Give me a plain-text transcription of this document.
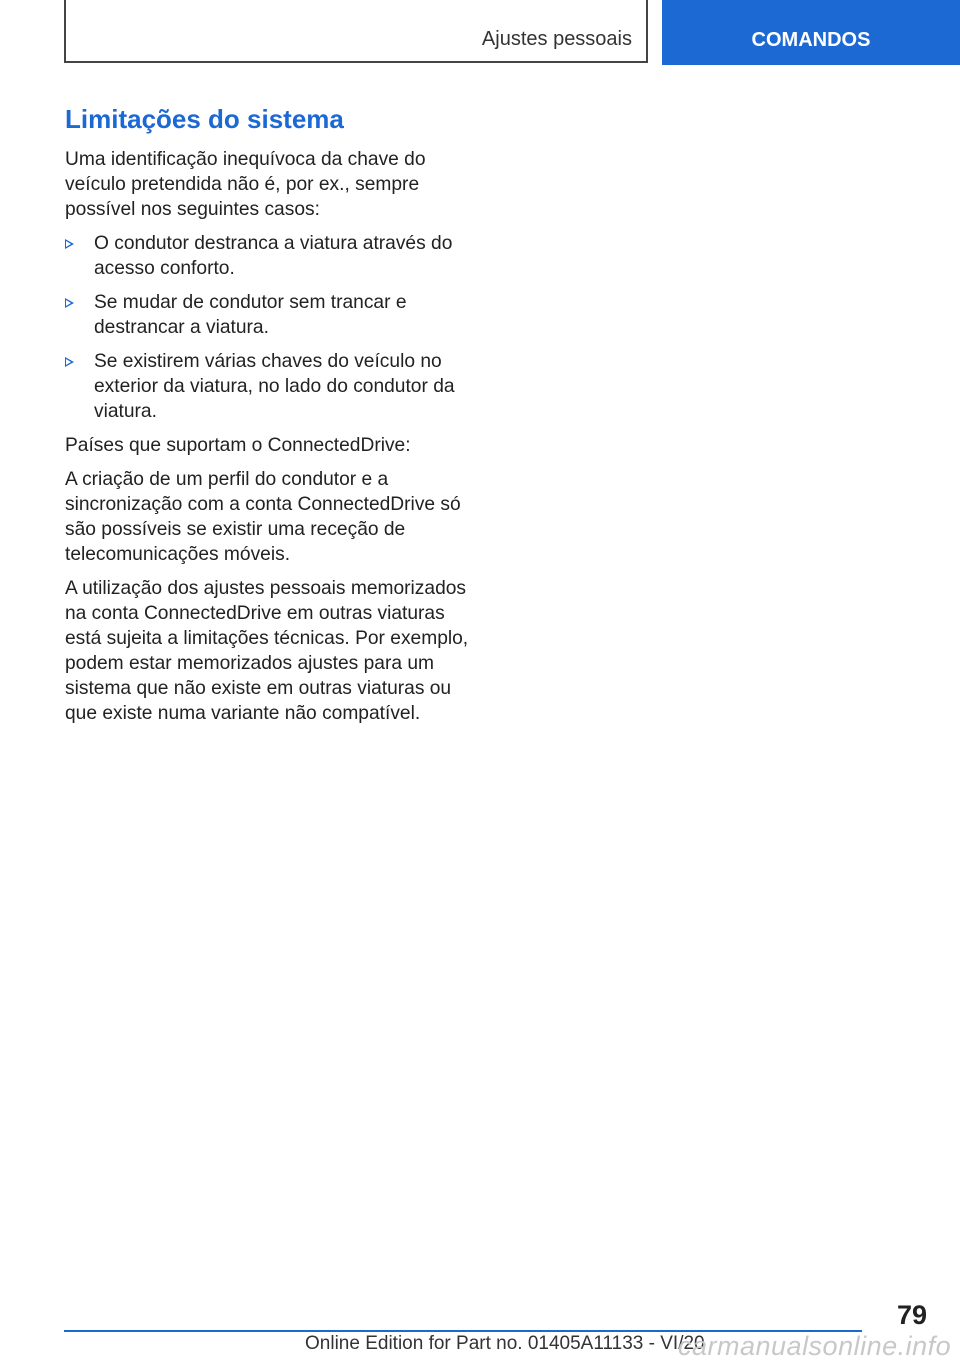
Ajustes pessoais	COMANDOS
Limitações do sistema

Uma identificação inequívoca da chave do veículo pretendida não é, por ex., sempre possível nos seguintes casos:

O condutor destranca a viatura através do acesso conforto.
Se mudar de condutor sem trancar e destrancar a viatura.
Se existirem várias chaves do veículo no exterior da viatura, no lado do condutor da viatura.

Países que suportam o ConnectedDrive:

A criação de um perfil do condutor e a sincronização com a conta ConnectedDrive só são possíveis se existir uma receção de telecomunicações móveis.

A utilização dos ajustes pessoais memorizados na conta ConnectedDrive em outras viaturas está sujeita a limitações técnicas. Por exemplo, podem estar memorizados ajustes para um sistema que não existe em outras viaturas ou que existe numa variante não compatível.

79
Online Edition for Part no. 01405A11133 - VI/20
carmanualsonline.info
